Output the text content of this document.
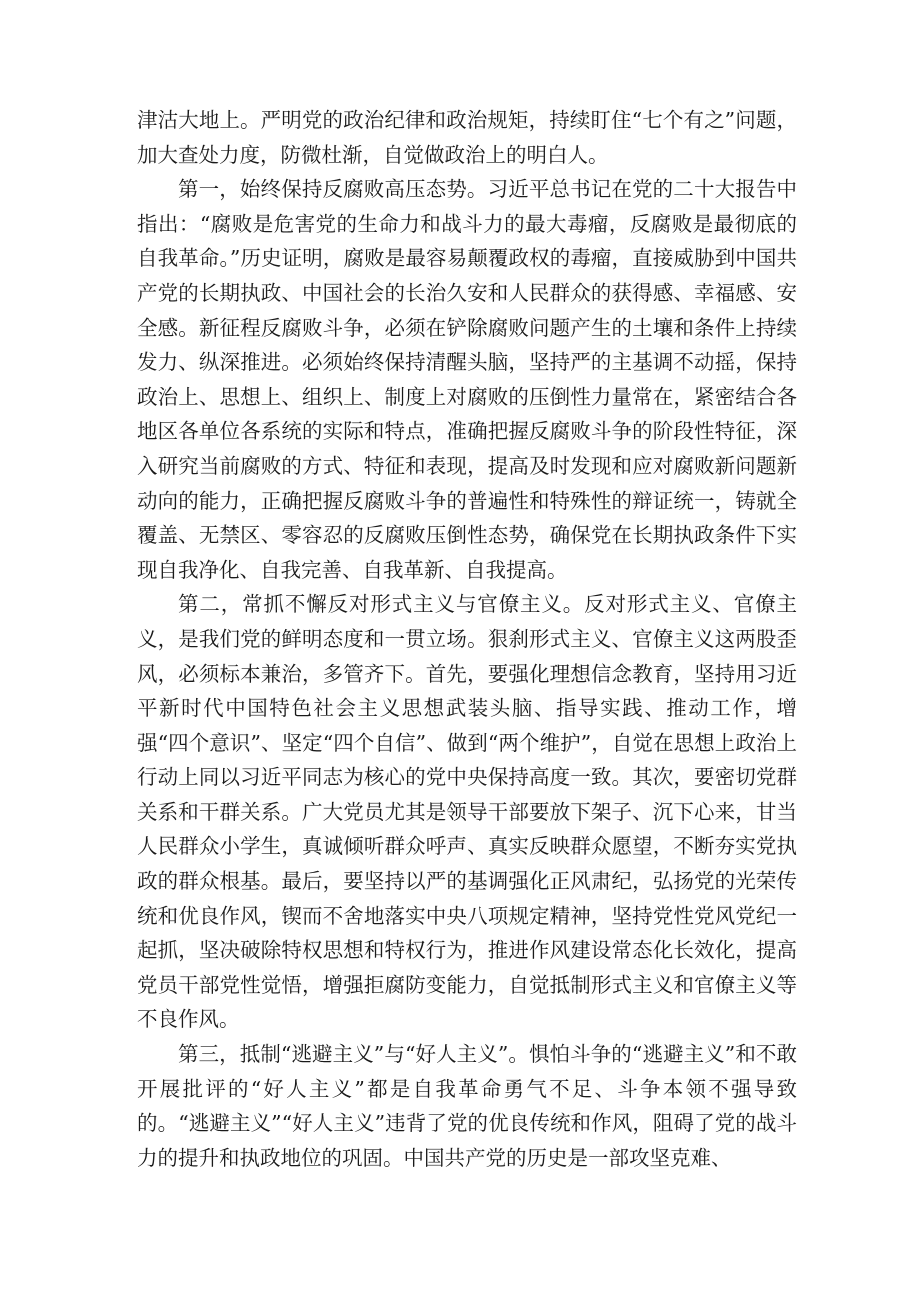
津沽大地上。严明党的政治纪律和政治规矩，持续盯住“七个有之”问题，加大查处力度，防微杜渐，自觉做政治上的明白人。

第一，始终保持反腐败高压态势。习近平总书记在党的二十大报告中指出：“腐败是危害党的生命力和战斗力的最大毒瘤，反腐败是最彻底的自我革命。”历史证明，腐败是最容易颠覆政权的毒瘤，直接威胁到中国共产党的长期执政、中国社会的长治久安和人民群众的获得感、幸福感、安全感。新征程反腐败斗争，必须在铲除腐败问题产生的土壤和条件上持续发力、纵深推进。必须始终保持清醒头脑，坚持严的主基调不动摇，保持政治上、思想上、组织上、制度上对腐败的压倒性力量常在，紧密结合各地区各单位各系统的实际和特点，准确把握反腐败斗争的阶段性特征，深入研究当前腐败的方式、特征和表现，提高及时发现和应对腐败新问题新动向的能力，正确把握反腐败斗争的普遍性和特殊性的辩证统一，铸就全覆盖、无禁区、零容忍的反腐败压倒性态势，确保党在长期执政条件下实现自我净化、自我完善、自我革新、自我提高。

第二，常抓不懈反对形式主义与官僚主义。反对形式主义、官僚主义，是我们党的鲜明态度和一贯立场。狠刹形式主义、官僚主义这两股歪风，必须标本兼治，多管齐下。首先，要强化理想信念教育，坚持用习近平新时代中国特色社会主义思想武装头脑、指导实践、推动工作，增强“四个意识”、坚定“四个自信”、做到“两个维护”，自觉在思想上政治上行动上同以习近平同志为核心的党中央保持高度一致。其次，要密切党群关系和干群关系。广大党员尤其是领导干部要放下架子、沉下心来，甘当人民群众小学生，真诚倾听群众呼声、真实反映群众愿望，不断夯实党执政的群众根基。最后，要坚持以严的基调强化正风肃纪，弘扬党的光荣传统和优良作风，锲而不舍地落实中央八项规定精神，坚持党性党风党纪一起抓，坚决破除特权思想和特权行为，推进作风建设常态化长效化，提高党员干部党性觉悟，增强拒腐防变能力，自觉抵制形式主义和官僚主义等不良作风。

第三，抵制“逃避主义”与“好人主义”。惧怕斗争的“逃避主义”和不敢开展批评的“好人主义”都是自我革命勇气不足、斗争本领不强导致的。“逃避主义”“好人主义”违背了党的优良传统和作风，阻碍了党的战斗力的提升和执政地位的巩固。中国共产党的历史是一部攻坚克难、
